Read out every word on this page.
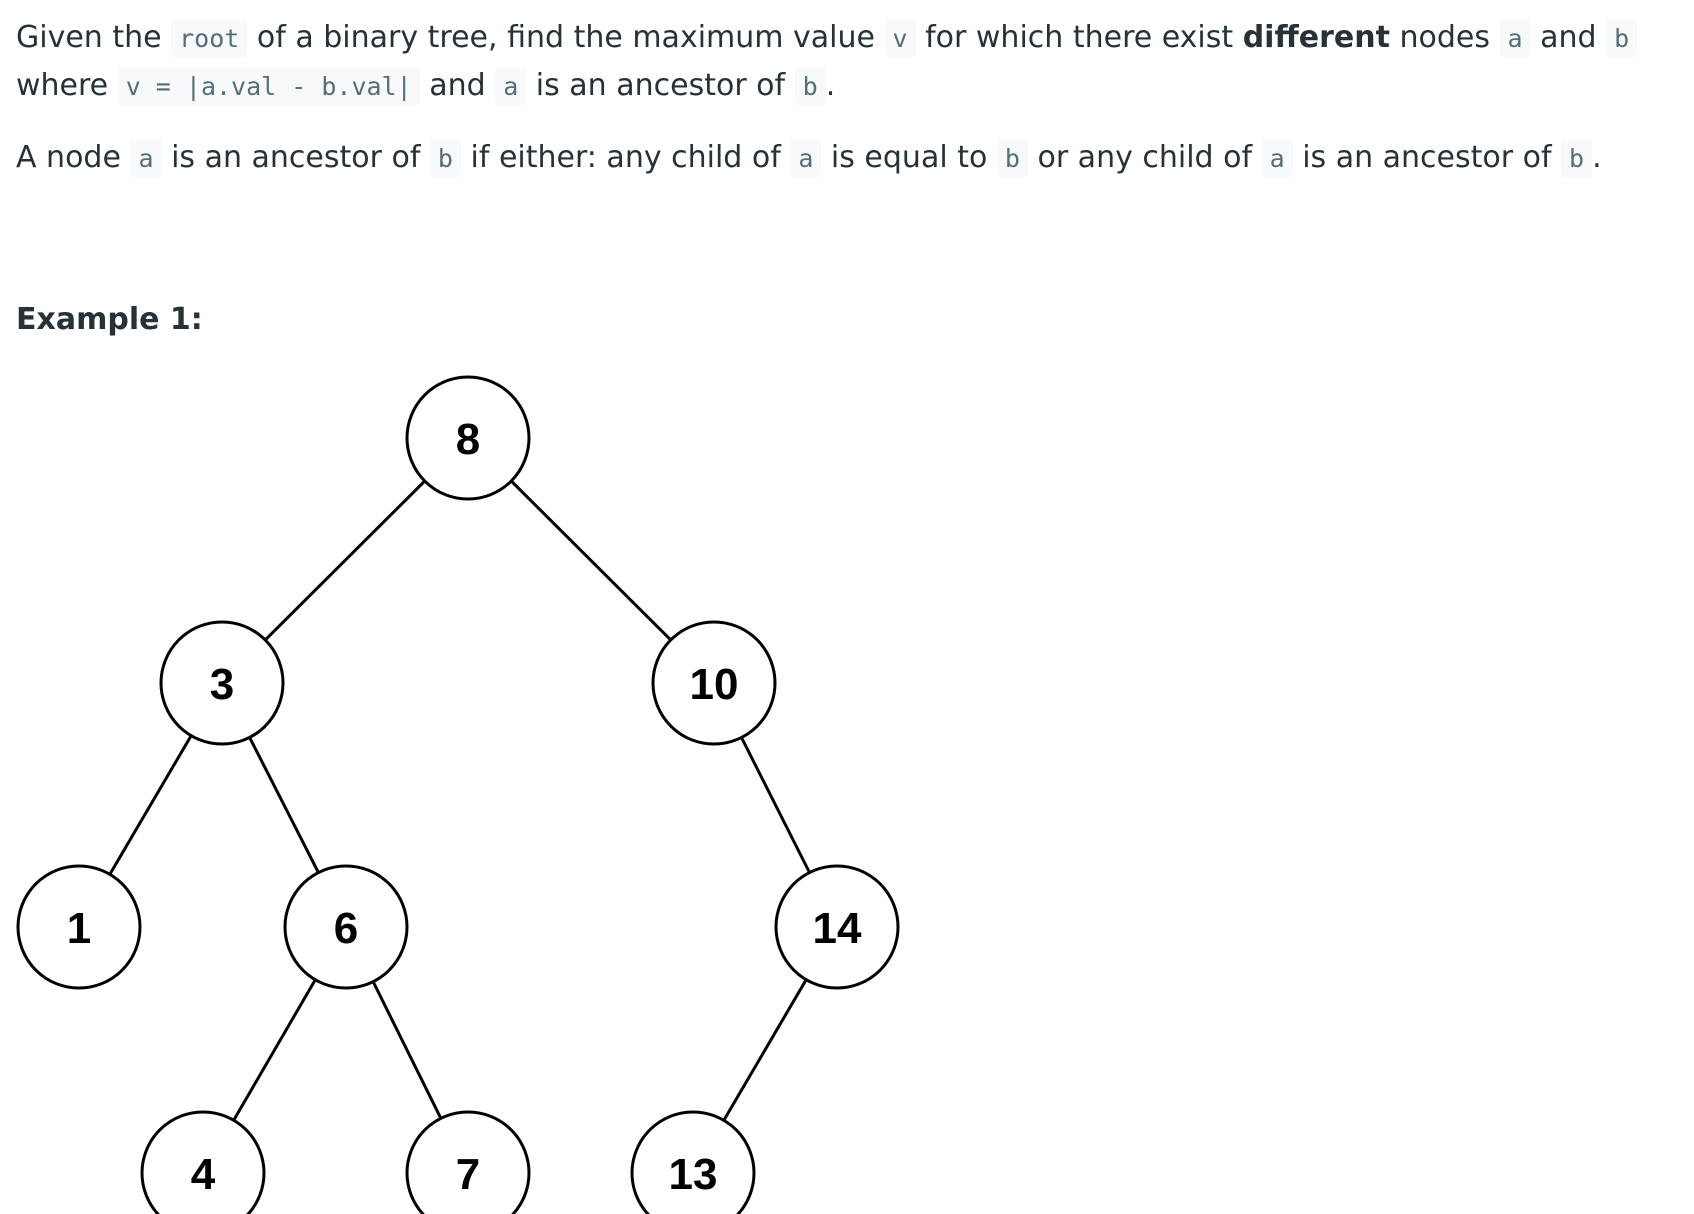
Given the root of a binary tree, find the maximum value v for which there exist different nodes a and b where v = |a.val - b.val| and a is an ancestor of b .

A node a is an ancestor of b if either: any child of a is equal to b or any child of a is an ancestor of b .

Example 1:
8
3	10
1	6	14
4	7	13
